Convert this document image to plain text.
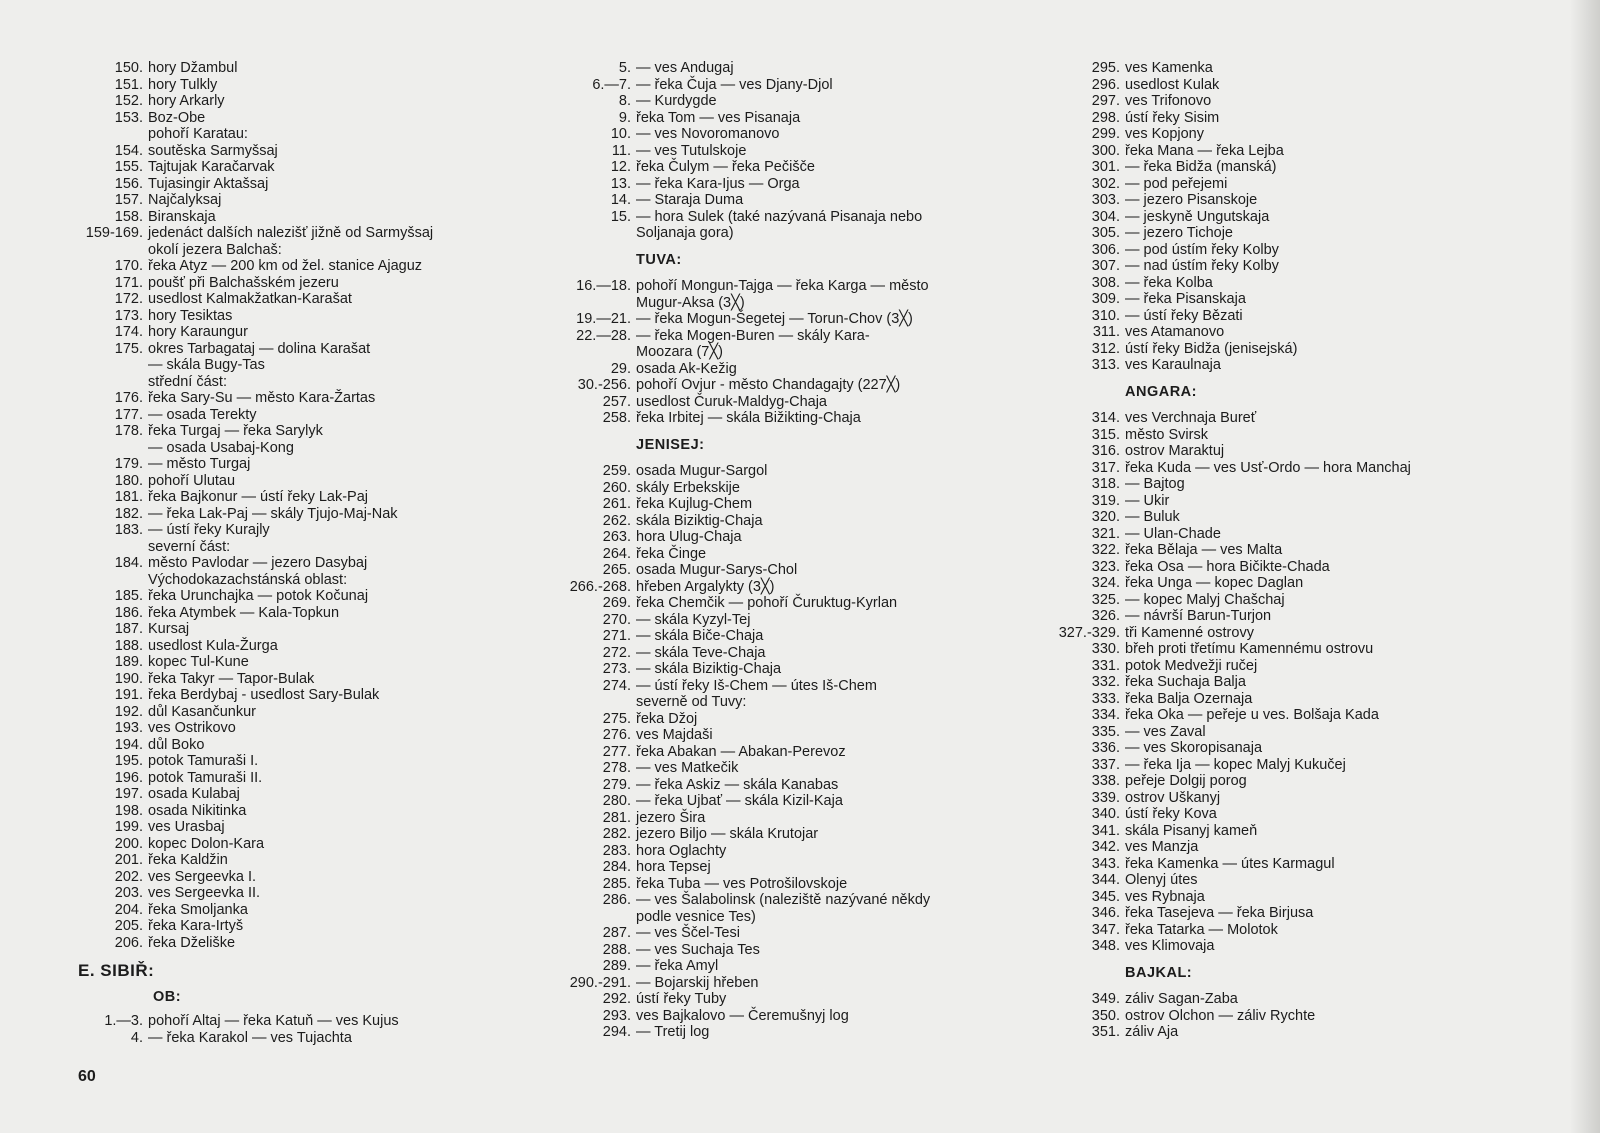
150. hory Džambul
151. hory Tulkly
152. hory Arkarly
153. Boz-Obe
pohoří Karatau:
154. soutěska Sarmyšsaj
155. Tajtujak Karačarvak
156. Tujasingir Aktašsaj
157. Najčalyksaj
158. Biranskaja
159-169. jedenáct dalších nalezišť jižně od Sarmyšsaj
okolí jezera Balchaš:
170. řeka Atyz — 200 km od žel. stanice Ajaguz
171. poušť při Balchašském jezeru
172. usedlost Kalmakžatkan-Karašat
173. hory Tesiktas
174. hory Karaungur
175. okres Tarbagataj — dolina Karašat
— skála Bugy-Tas
střední část:
176. řeka Sary-Su — město Kara-Žartas
177. — osada Terekty
178. řeka Turgaj — řeka Sarylyk
— osada Usabaj-Kong
179. — město Turgaj
180. pohoří Ulutau
181. řeka Bajkonur — ústí řeky Lak-Paj
182. — řeka Lak-Paj — skály Tjujo-Maj-Nak
183. — ústí řeky Kurajly
severní část:
184. město Pavlodar — jezero Dasybaj
Východokazachstánská oblast:
185. řeka Urunchajka — potok Kočunaj
186. řeka Atymbek — Kala-Topkun
187. Kursaj
188. usedlost Kula-Žurga
189. kopec Tul-Kune
190. řeka Takyr — Tapor-Bulak
191. řeka Berdybaj - usedlost Sary-Bulak
192. důl Kasančunkur
193. ves Ostrikovo
194. důl Boko
195. potok Tamuraši I.
196. potok Tamuraši II.
197. osada Kulabaj
198. osada Nikitinka
199. ves Urasbaj
200. kopec Dolon-Kara
201. řeka Kaldžin
202. ves Sergeevka I.
203. ves Sergeevka II.
204. řeka Smoljanka
205. řeka Kara-Irtyš
206. řeka Dželiške
E. SIBIŘ:
OB:
1.—3. pohoří Altaj — řeka Katuň — ves Kujus
4. — řeka Karakol — ves Tujachta
5. — ves Andugaj
6.—7. — řeka Čuja — ves Djany-Djol
8. — Kurdygde
9. řeka Tom — ves Pisanaja
10. — ves Novoromanovo
11. — ves Tutulskoje
12. řeka Čulym — řeka Pečišče
13. — řeka Kara-Ijus — Orga
14. — Staraja Duma
15. — hora Sulek (také nazývaná Pisanaja nebo
Soljanaja gora)
TUVA:
16.—18. pohoří Mongun-Tajga — řeka Karga — město
Mugur-Aksa (3╳)
19.—21. — řeka Mogun-Šegetej — Torun-Chov (3╳)
22.—28. — řeka Mogen-Buren — skály Kara-
Moozara (7╳)
29. osada Ak-Kežig
30.-256. pohoří Ovjur - město Chandagajty (227╳)
257. usedlost Čuruk-Maldyg-Chaja
258. řeka Irbitej — skála Bižikting-Chaja
JENISEJ:
259. osada Mugur-Sargol
260. skály Erbekskije
261. řeka Kujlug-Chem
262. skála Biziktig-Chaja
263. hora Ulug-Chaja
264. řeka Činge
265. osada Mugur-Sarys-Chol
266.-268. hřeben Argalykty (3╳)
269. řeka Chemčik — pohoří Čuruktug-Kyrlan
270. — skála Kyzyl-Tej
271. — skála Biče-Chaja
272. — skála Teve-Chaja
273. — skála Biziktig-Chaja
274. — ústí řeky Iš-Chem — útes Iš-Chem
severně od Tuvy:
275. řeka Džoj
276. ves Majdaši
277. řeka Abakan — Abakan-Perevoz
278. — ves Matkečik
279. — řeka Askiz — skála Kanabas
280. — řeka Ujbať — skála Kizil-Kaja
281. jezero Šira
282. jezero Biljo — skála Krutojar
283. hora Oglachty
284. hora Tepsej
285. řeka Tuba — ves Potrošilovskoje
286. — ves Šalabolinsk (naleziště nazývané někdy
podle vesnice Tes)
287. — ves Ščel-Tesi
288. — ves Suchaja Tes
289. — řeka Amyl
290.-291. — Bojarskij hřeben
292. ústí řeky Tuby
293. ves Bajkalovo — Čeremušnyj log
294. — Tretij log
295. ves Kamenka
296. usedlost Kulak
297. ves Trifonovo
298. ústí řeky Sisim
299. ves Kopjony
300. řeka Mana — řeka Lejba
301. — řeka Bidža (manská)
302. — pod peřejemi
303. — jezero Pisanskoje
304. — jeskyně Ungutskaja
305. — jezero Tichoje
306. — pod ústím řeky Kolby
307. — nad ústím řeky Kolby
308. — řeka Kolba
309. — řeka Pisanskaja
310. — ústí řeky Bězati
311. ves Atamanovo
312. ústí řeky Bidža (jenisejská)
313. ves Karaulnaja
ANGARA:
314. ves Verchnaja Bureť
315. město Svirsk
316. ostrov Maraktuj
317. řeka Kuda — ves Usť-Ordo — hora Manchaj
318. — Bajtog
319. — Ukir
320. — Buluk
321. — Ulan-Chade
322. řeka Bělaja — ves Malta
323. řeka Osa — hora Bičikte-Chada
324. řeka Unga — kopec Daglan
325. — kopec Malyj Chašchaj
326. — návrší Barun-Turjon
327.-329. tři Kamenné ostrovy
330. břeh proti třetímu Kamennému ostrovu
331. potok Medvežji ručej
332. řeka Suchaja Balja
333. řeka Balja Ozernaja
334. řeka Oka — peřeje u ves. Bolšaja Kada
335. — ves Zaval
336. — ves Skoropisanaja
337. — řeka Ija — kopec Malyj Kukučej
338. peřeje Dolgij porog
339. ostrov Uškanyj
340. ústí řeky Kova
341. skála Pisanyj kameň
342. ves Manzja
343. řeka Kamenka — útes Karmagul
344. Olenyj útes
345. ves Rybnaja
346. řeka Tasejeva — řeka Birjusa
347. řeka Tatarka — Molotok
348. ves Klimovaja
BAJKAL:
349. záliv Sagan-Zaba
350. ostrov Olchon — záliv Rychte
351. záliv Aja
60
